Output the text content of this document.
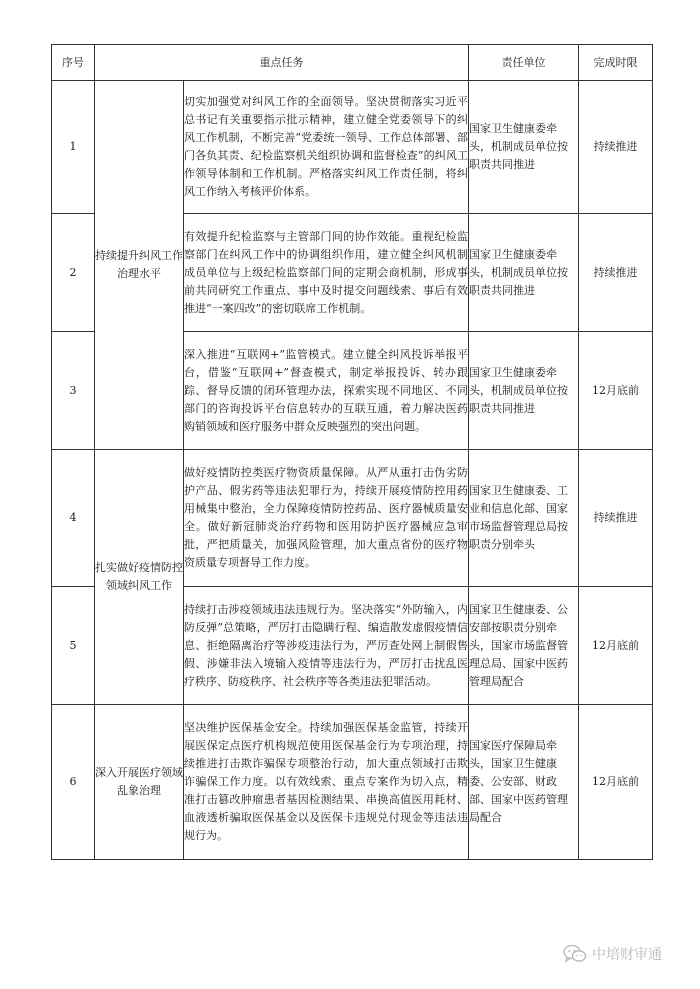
序号	重点任务		责任单位	完成时限
1	持续提升纠风工作治理水平	切实加强党对纠风工作的全面领导。坚决贯彻落实习近平总书记有关重要指示批示精神，建立健全党委领导下的纠风工作机制，不断完善“党委统一领导、工作总体部署、部门各负其责、纪检监察机关组织协调和监督检查”的纠风工作领导体制和工作机制。严格落实纠风工作责任制，将纠风工作纳入考核评价体系。	国家卫生健康委牵头，机制成员单位按职责共同推进	持续推进
2		有效提升纪检监察与主管部门间的协作效能。重视纪检监察部门在纠风工作中的协调组织作用，建立健全纠风机制成员单位与上级纪检监察部门间的定期会商机制，形成事前共同研究工作重点、事中及时提交问题线索、事后有效推进“一案四改”的密切联席工作机制。	国家卫生健康委牵头，机制成员单位按职责共同推进	持续推进
3		深入推进“互联网+”监管模式。建立健全纠风投诉举报平台，借鉴“互联网+”督查模式，制定举报投诉、转办跟踪、督导反馈的闭环管理办法，探索实现不同地区、不同部门的咨询投诉平台信息转办的互联互通，着力解决医药购销领域和医疗服务中群众反映强烈的突出问题。	国家卫生健康委牵头，机制成员单位按职责共同推进	12月底前
4	扎实做好疫情防控领域纠风工作	做好疫情防控类医疗物资质量保障。从严从重打击伪劣防护产品、假劣药等违法犯罪行为，持续开展疫情防控用药用械集中整治，全力保障疫情防控药品、医疗器械质量安全。做好新冠肺炎治疗药物和医用防护医疗器械应急审批，严把质量关，加强风险管理，加大重点省份的医疗物资质量专项督导工作力度。	国家卫生健康委、工业和信息化部、国家市场监督管理总局按职责分别牵头	持续推进
5		持续打击涉疫领域违法违规行为。坚决落实“外防输入，内防反弹”总策略，严厉打击隐瞒行程、编造散发虚假疫情信息、拒绝隔离治疗等涉疫违法行为，严厉查处网上制假售假、涉嫌非法入境输入疫情等违法行为，严厉打击扰乱医疗秩序、防疫秩序、社会秩序等各类违法犯罪活动。	国家卫生健康委、公安部按职责分别牵头，国家市场监督管理总局、国家中医药管理局配合	12月底前
6	深入开展医疗领域乱象治理	坚决维护医保基金安全。持续加强医保基金监管，持续开展医保定点医疗机构规范使用医保基金行为专项治理，持续推进打击欺诈骗保专项整治行动，加大重点领域打击欺诈骗保工作力度。以有效线索、重点专案作为切入点，精准打击篡改肿瘤患者基因检测结果、串换高值医用耗材、血液透析骗取医保基金以及医保卡违规兑付现金等违法违规行为。	国家医疗保障局牵头，国家卫生健康委、公安部、财政部、国家中医药管理局配合	12月底前
中培财审通
